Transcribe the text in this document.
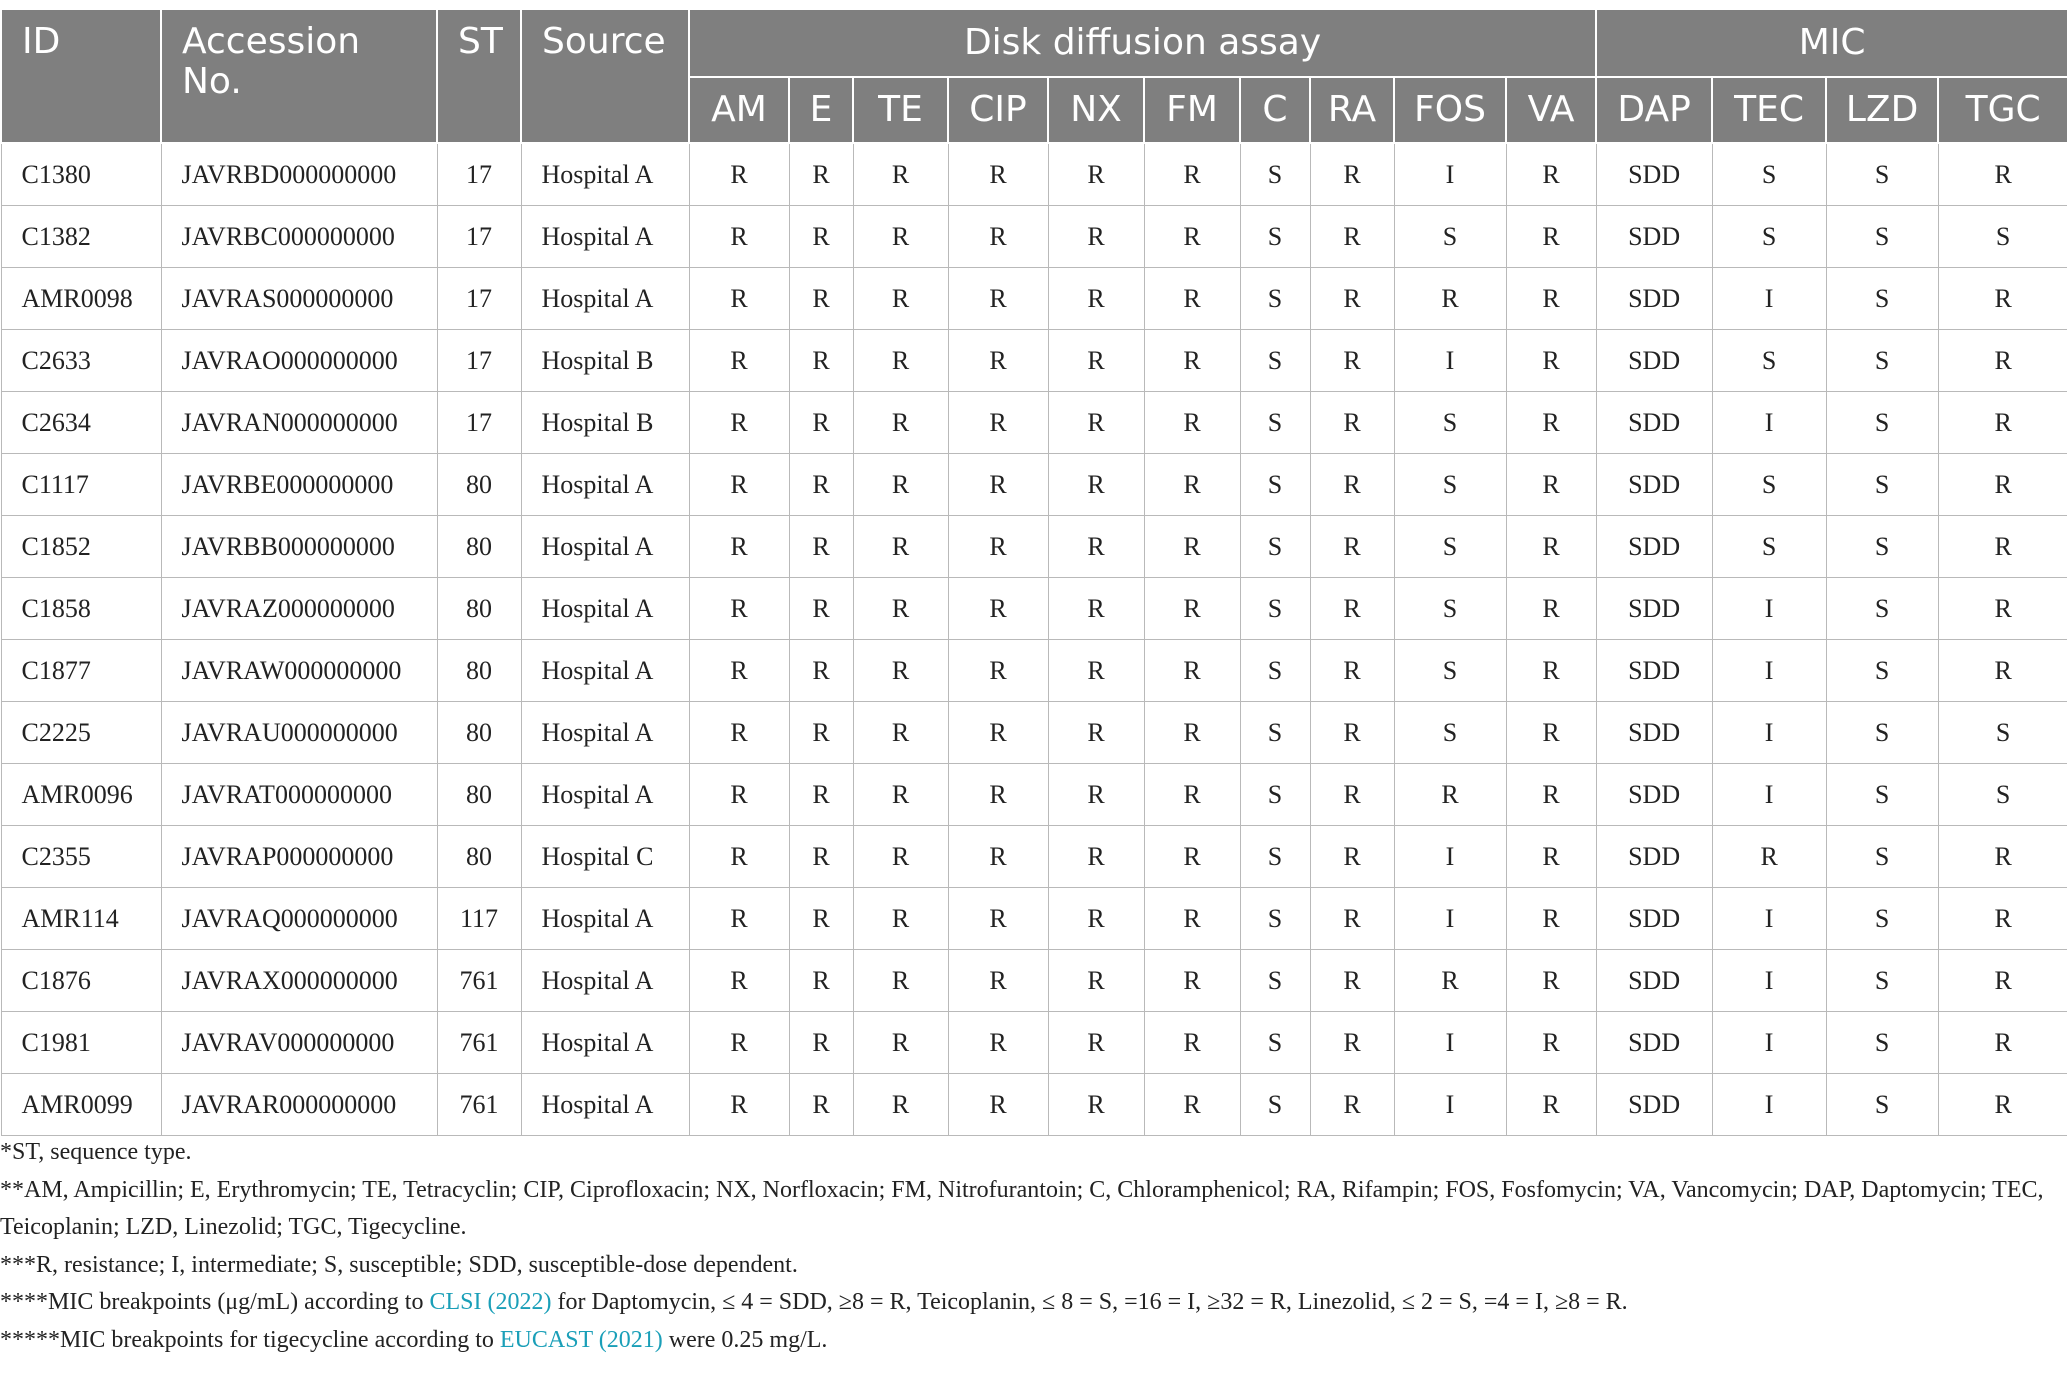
ID	Accession No.	ST	Source	Disk diffusion assay										MIC			
				AM	E	TE	CIP	NX	FM	C	RA	FOS	VA	DAP	TEC	LZD	TGC
C1380	JAVRBD000000000	17	Hospital A	R	R	R	R	R	R	S	R	I	R	SDD	S	S	R
C1382	JAVRBC000000000	17	Hospital A	R	R	R	R	R	R	S	R	S	R	SDD	S	S	S
AMR0098	JAVRAS000000000	17	Hospital A	R	R	R	R	R	R	S	R	R	R	SDD	I	S	R
C2633	JAVRAO000000000	17	Hospital B	R	R	R	R	R	R	S	R	I	R	SDD	S	S	R
C2634	JAVRAN000000000	17	Hospital B	R	R	R	R	R	R	S	R	S	R	SDD	I	S	R
C1117	JAVRBE000000000	80	Hospital A	R	R	R	R	R	R	S	R	S	R	SDD	S	S	R
C1852	JAVRBB000000000	80	Hospital A	R	R	R	R	R	R	S	R	S	R	SDD	S	S	R
C1858	JAVRAZ000000000	80	Hospital A	R	R	R	R	R	R	S	R	S	R	SDD	I	S	R
C1877	JAVRAW000000000	80	Hospital A	R	R	R	R	R	R	S	R	S	R	SDD	I	S	R
C2225	JAVRAU000000000	80	Hospital A	R	R	R	R	R	R	S	R	S	R	SDD	I	S	S
AMR0096	JAVRAT000000000	80	Hospital A	R	R	R	R	R	R	S	R	R	R	SDD	I	S	S
C2355	JAVRAP000000000	80	Hospital C	R	R	R	R	R	R	S	R	I	R	SDD	R	S	R
AMR114	JAVRAQ000000000	117	Hospital A	R	R	R	R	R	R	S	R	I	R	SDD	I	S	R
C1876	JAVRAX000000000	761	Hospital A	R	R	R	R	R	R	S	R	R	R	SDD	I	S	R
C1981	JAVRAV000000000	761	Hospital A	R	R	R	R	R	R	S	R	I	R	SDD	I	S	R
AMR0099	JAVRAR000000000	761	Hospital A	R	R	R	R	R	R	S	R	I	R	SDD	I	S	R

*ST, sequence type.

**AM, Ampicillin; E, Erythromycin; TE, Tetracyclin; CIP, Ciprofloxacin; NX, Norfloxacin; FM, Nitrofurantoin; C, Chloramphenicol; RA, Rifampin; FOS, Fosfomycin; VA, Vancomycin; DAP, Daptomycin; TEC, Teicoplanin; LZD, Linezolid; TGC, Tigecycline.

***R, resistance; I, intermediate; S, susceptible; SDD, susceptible-dose dependent.

****MIC breakpoints (μg/mL) according to CLSI (2022) for Daptomycin, ≤ 4 = SDD, ≥8 = R, Teicoplanin, ≤ 8 = S, =16 = I, ≥32 = R, Linezolid, ≤ 2 = S, =4 = I, ≥8 = R.

*****MIC breakpoints for tigecycline according to EUCAST (2021) were 0.25 mg/L.
